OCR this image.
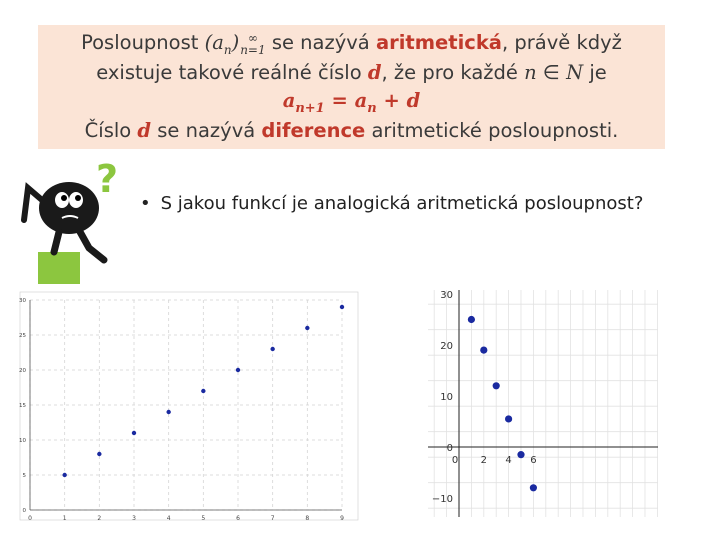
Posloupnost $(a_n)$ ∞
n=1 se nazývá aritmetická, právě když
existuje takové reálné číslo d, že pro každé n ∈ N je
$a_{n+1} = a_n + d$
Číslo d se nazývá diference aritmetické posloupnosti.
?
• S jakou funkcí je analogická aritmetická posloupnost?
0	1	2	3	4	5	6	7	8	9
0
5
10
15
20
25
30
0 2 4 6
30
20
10
0
−10
